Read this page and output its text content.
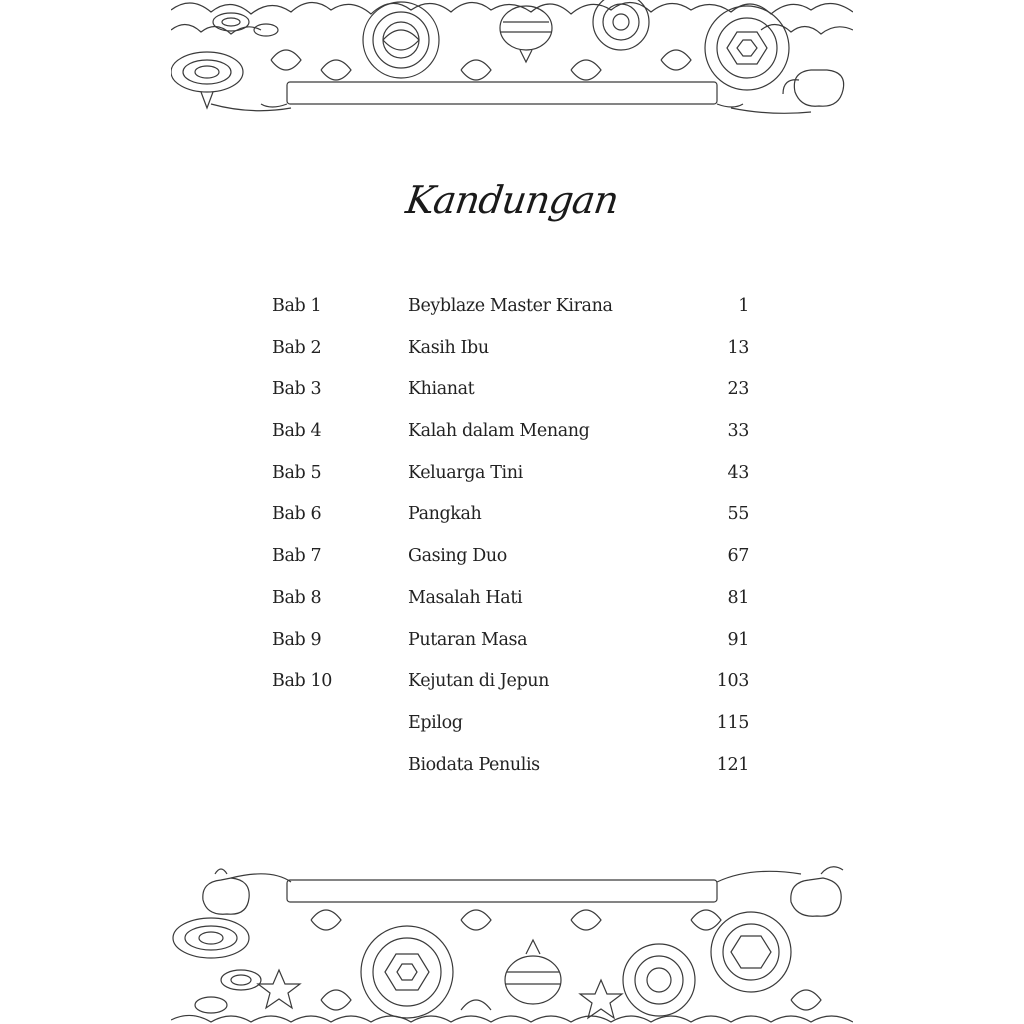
Kandungan
Bab 1	Beyblaze Master Kirana	1
Bab 2	Kasih Ibu	13
Bab 3	Khianat	23
Bab 4	Kalah dalam Menang	33
Bab 5	Keluarga Tini	43
Bab 6	Pangkah	55
Bab 7	Gasing Duo	67
Bab 8	Masalah Hati	81
Bab 9	Putaran Masa	91
Bab 10	Kejutan di Jepun	103
Epilog	115
Biodata Penulis	121
